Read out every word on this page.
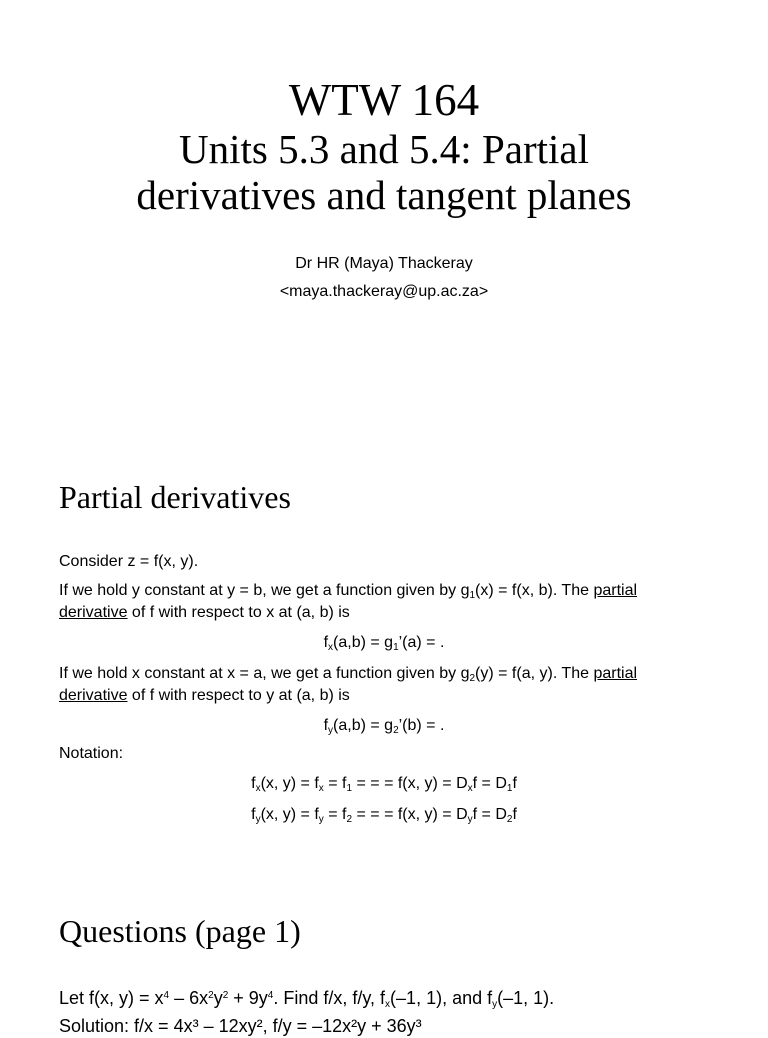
WTW 164
Units 5.3 and 5.4: Partial
derivatives and tangent planes
Dr HR (Maya) Thackeray
<maya.thackeray@up.ac.za>
Partial derivatives
Consider z = f(x, y).
If we hold y constant at y = b, we get a function given by $g_1(x) = f(x$, b). The partial
derivative of f with respect to x at (a, b) is
$f_x(a,b)$ = $g_1’(a)$ = .
If we hold x constant at x = a, we get a function given by $g_2(y) = f(a$, y). The partial
derivative of f with respect to y at (a, b) is
$f_y(a,b)$ = $g_2’(b)$ = .
Notation:
$f_x(x$, $y) = f_x = f_1$ = = = f(x, $y) = D_xf = D_1f$
$f_y(x$, $y) = f_y = f_2$ = = = f(x, $y) = D_yf = D_2f$
Questions (page 1)
Let f(x, $y) = x^4 - 6x^2y^2 + 9y^4$. Find f/x, f/y, $f_x(-1$, 1), and $f_y(-1$, 1).
Solution: f/x = 4x³ – 12xy², f/y = –12x²y + 36y³
